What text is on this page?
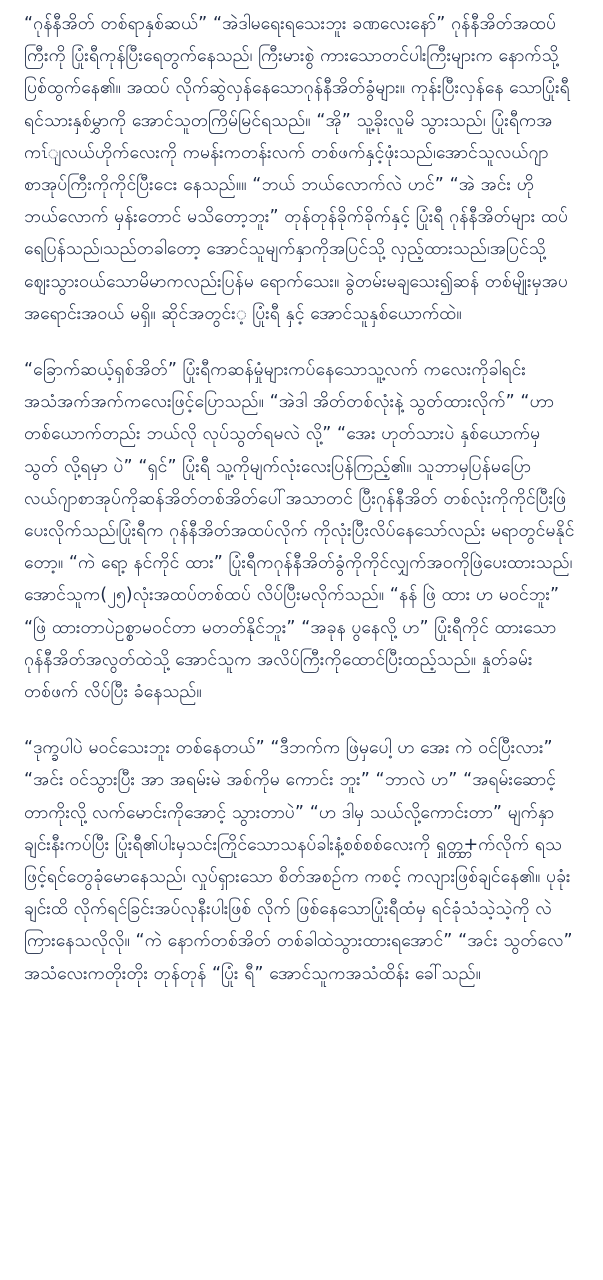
“ဂုန်နီအိတ် တစ်ရာနှစ်ဆယ်” “အဲဒါမရေးရသေးဘူး ခဏလေးနော်” ဂုန်နီအိတ်အထပ်ကြီးကို ပြုံးရီကုန်ပြီးရေတွက်နေသည်၊ ကြီးမားစွဲ ကားသောတင်ပါးကြီးများက နောက်သို့ပြစ်ထွက်နေ၏။ အထပ် လိုက်ဆွဲလှန်နေသောဂုန်နီအိတ်ခွံများ။ ကုန်းပြီးလှန်နေ သောပြုံးရီ ရင်သားနှစ်မွှာကို အောင်သူတကြိမ်မြင်ရသည်။ “အို” သူ့ခိုးလူမိ သွားသည်၊ ပြုံးရီကအကၤ်ျလယ်ဟိုက်လေးကို ကမန်းကတန်းလက် တစ်ဖက်နှင့်ဖုံးသည်၊အောင်သူလယ်ဂျာစာအုပ်ကြီးကိုကိုင်ပြီးငေး နေသည်။။ “ဘယ် ဘယ်လောက်လဲ ဟင်” “အဲ အင်း ဟို ဘယ်လောက် မှန်းတောင် မသိတော့ဘူး” တုန်တုန်ခိုက်ခိုက်နှင့် ပြုံးရီ ဂုန်နီအိတ်များ ထပ်ရေပြန်သည်၊သည်တခါတော့ အောင်သူမျက်နှာကိုအပြင်သို့ လှည့်ထားသည်၊အပြင်သို့ဈေးသွားဝယ်သောမိမာကလည်းပြန်မ ရောက်သေး။ ခွဲတမ်းမချသေး၍ဆန် တစ်မျိုးမှအပ အရောင်းအဝယ် မရှိ။ ဆိုင်အတွင်း့ ပြုံးရီ နှင့် အောင်သူနှစ်ယောက်ထဲ။

“ခြောက်ဆယ့်ရှစ်အိတ်” ပြုံးရီကဆန်မှုံများကပ်နေသောသူ့လက် ကလေးကိုခါရင်းအသံအက်အက်ကလေးဖြင့်ပြောသည်။ “အဲဒါ အိတ်တစ်လုံးနဲ့ သွတ်ထားလိုက်” “ဟာ တစ်ယောက်တည်း ဘယ်လို လုပ်သွတ်ရမလဲ လို့” “အေး ဟုတ်သားပဲ နှစ်ယောက်မှ သွတ် လို့ရမှာ ပဲ” “ရှင်” ပြုံးရီ သူ့ကိုမျက်လုံးလေးပြန်ကြည့်၏။ သူဘာမှပြန်မပြော လယ်ဂျာစာအုပ်ကိုဆန်အိတ်တစ်အိတ်ပေါ်အသာတင် ပြီးဂုန်နီအိတ် တစ်လုံးကိုကိုင်ပြီးဖြဲပေးလိုက်သည်၊ပြုံးရီက ဂုန်နီအိတ်အထပ်လိုက် ကိုလုံးပြီးလိပ်နေသော်လည်း မရာတွင်မနိုင် တော့။ “ကဲ ရော့ နင်ကိုင် ထား” ပြုံးရီကဂုန်နီအိတ်ခွံကိုကိုင်လျှက်အဝကိုဖြဲပေးထားသည်၊ အောင်သူက(၂၅)လုံးအထပ်တစ်ထပ် လိပ်ပြီးမလိုက်သည်။ “နန် ဖြဲ ထား ဟ မဝင်ဘူး” “ဖြဲ ထားတာပဲဥစ္စာမဝင်တာ မတတ်နိုင်ဘူး” “အခုန ပွနေလို့ ဟ” ပြုံးရီကိုင် ထားသောဂုန်နီအိတ်အလွတ်ထဲသို့ အောင်သူက အလိပ်ကြီးကိုထောင်ပြီးထည့်သည်။ နှုတ်ခမ်းတစ်ဖက် လိပ်ပြီး ခံနေသည်။

“ဒုက္ခပါပဲ မဝင်သေးဘူး တစ်နေတယ်” “ဒီဘက်က ဖြဲမှပေါ့ ဟ အေး ကဲ ဝင်ပြီးလား” “အင်း ဝင်သွားပြီး အာ အရမ်းမဲ အစ်ကိုမ ကောင်း ဘူး” “ဘာလဲ ဟ” “အရမ်းဆောင့်တာကိုးလို့ လက်မောင်းကိုအောင့် သွားတာပဲ” “ဟ ဒါမှ သယ်လို့ကောင်းတာ” မျက်နှာ ချင်းနီးကပ်ပြီး ပြုံးရီ၏ပါးမှသင်းကြိုင်သောသနပ်ခါးနံ့စစ်စစ်လေးကို ရှူတ္တ္တ+က်လိုက် ရသ ဖြင့်ရင်တွေခုံမောနေသည်၊ လှုပ်ရှားသော စိတ်အစဉ်က ကစင့် ကလျားဖြစ်ချင်နေ၏။ ပုခုံးချင်းထိ လိုက်ရင်ခြင်းအပ်လုနီးပါးဖြစ် လိုက် ဖြစ်နေသောပြုံးရီထံမှ ရင်ခုံသံသဲ့သဲ့ကို လဲကြားနေသလိုလို။ “ကဲ နောက်တစ်အိတ် တစ်ခါထဲသွားထားရအောင်” “အင်း သွတ်လေ” အသံလေးကတိုးတိုး တုန်တုန် “ပြုံး ရီ” အောင်သူကအသံထိန်း ခေါ်သည်။
